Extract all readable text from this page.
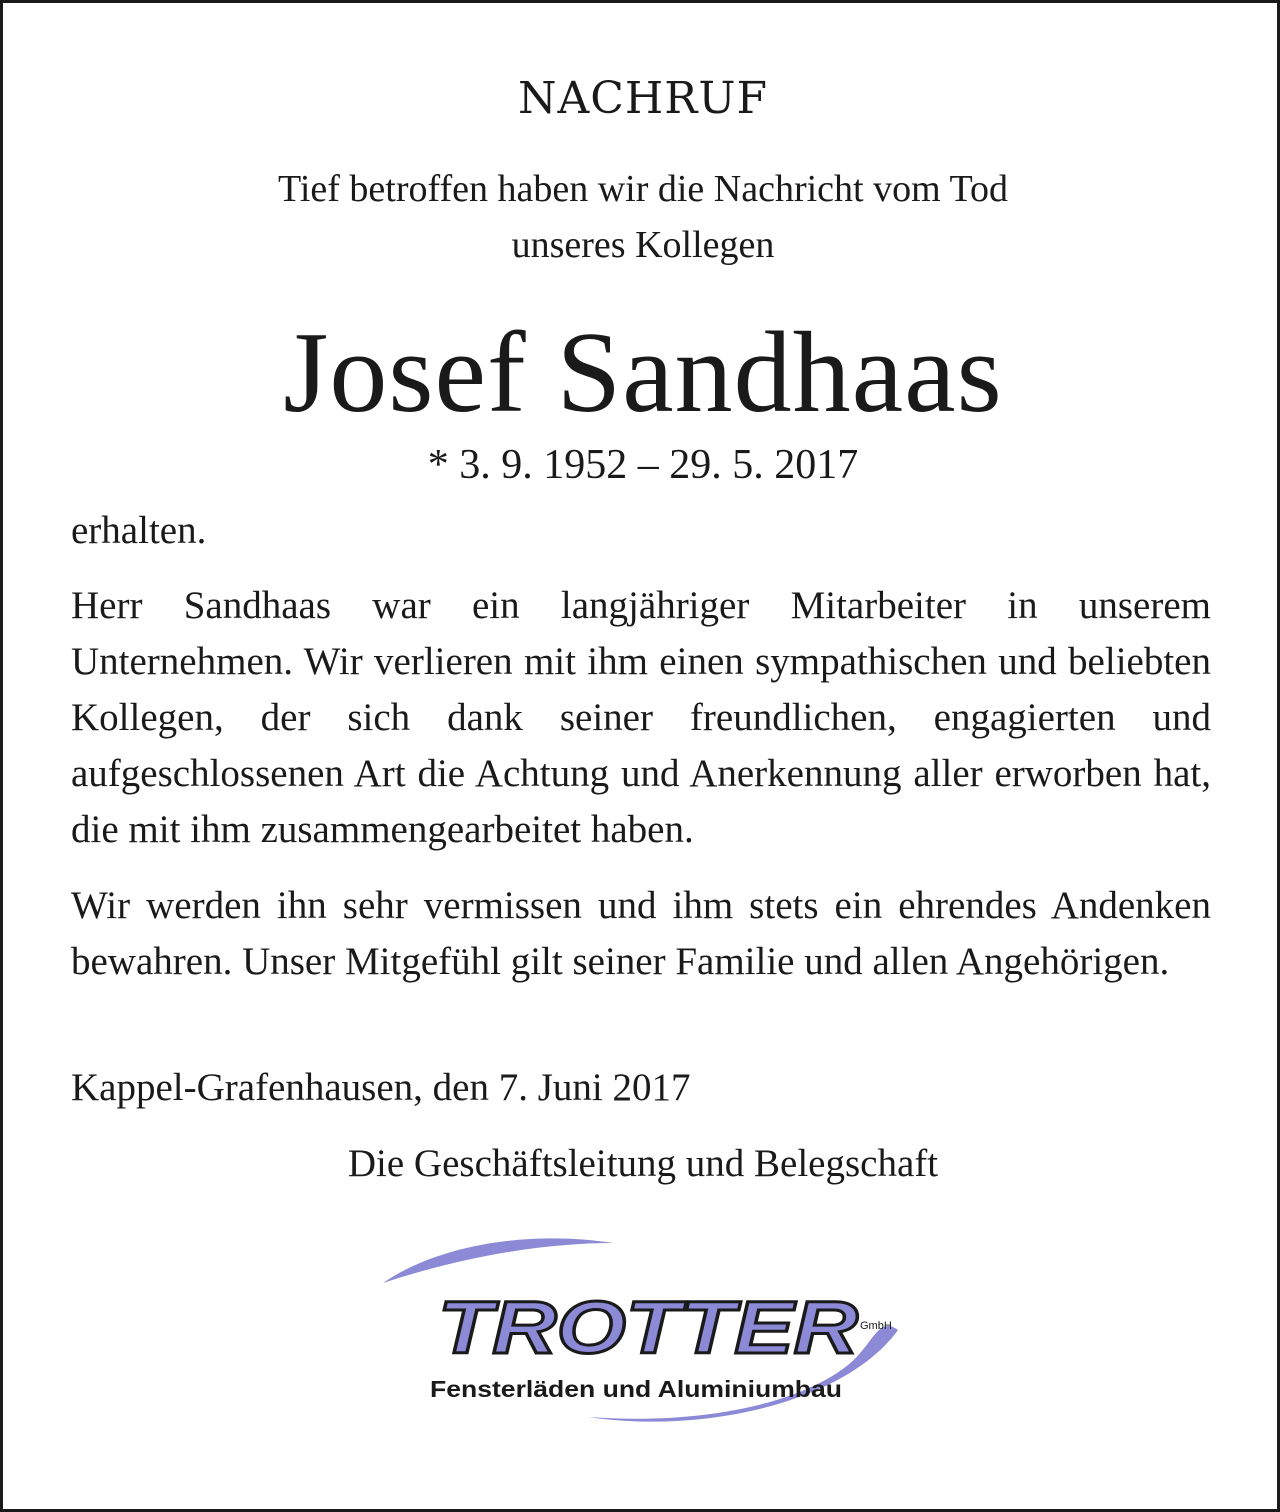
NACHRUF

Tief betroffen haben wir die Nachricht vom Tod
unseres Kollegen

Josef Sandhaas

* 3. 9. 1952 – 29. 5. 2017

erhalten.

Herr Sandhaas war ein langjähriger Mitarbeiter in unserem Unternehmen. Wir verlieren mit ihm einen sympathischen und beliebten Kollegen, der sich dank seiner freundlichen, engagierten und aufgeschlossenen Art die Achtung und Anerkennung aller erworben hat, die mit ihm zusammengearbeitet haben.

Wir werden ihn sehr vermissen und ihm stets ein ehrendes Andenken bewahren. Unser Mitgefühl gilt seiner Familie und allen Angehörigen.

Kappel-Grafenhausen, den 7. Juni 2017

Die Geschäftsleitung und Belegschaft

TROTTER GmbH
Fensterläden und Aluminiumbau
